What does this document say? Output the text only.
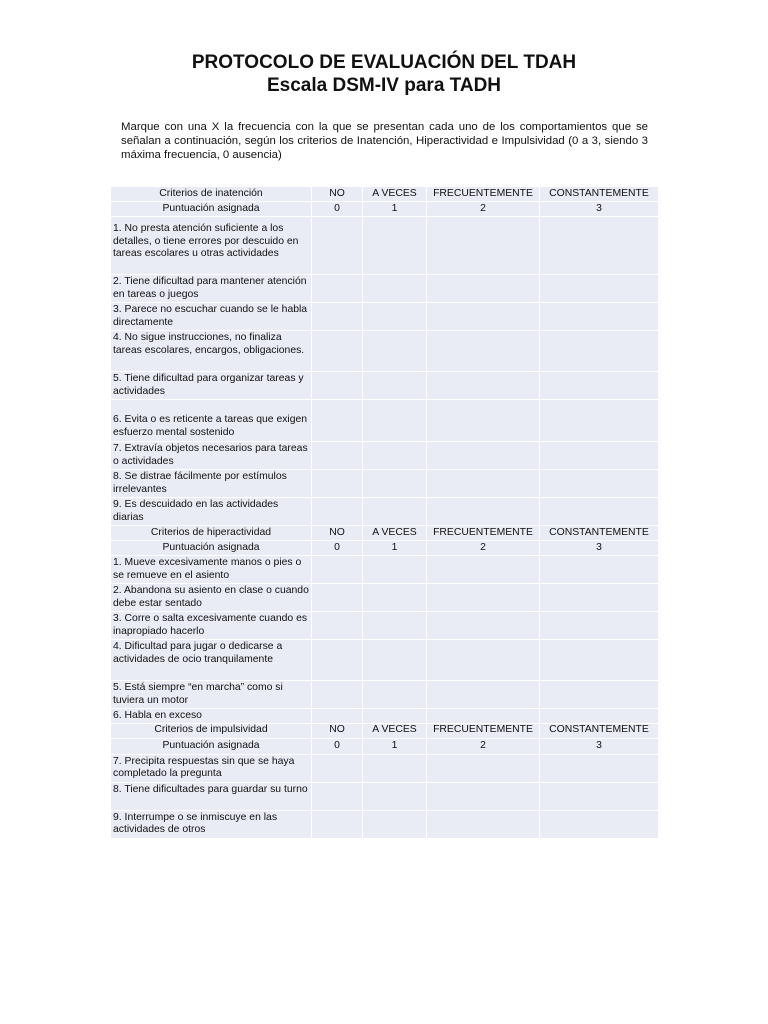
PROTOCOLO DE EVALUACIÓN DEL TDAH
Escala DSM-IV para TADH
Marque con una X la frecuencia con la que se presentan cada uno de los comportamientos que se señalan a continuación, según los criterios de Inatención, Hiperactividad e Impulsividad (0 a 3, siendo 3 máxima frecuencia, 0 ausencia)
Criterios de inatención	NO	A VECES	FRECUENTEMENTE	CONSTANTEMENTE
Puntuación asignada	0	1	2	3
1. No presta atención suficiente a los detalles, o tiene errores por descuido en tareas escolares u otras actividades				
2. Tiene dificultad para mantener atención en tareas o juegos				
3. Parece no escuchar cuando se le habla directamente				
4. No sigue instrucciones, no finaliza tareas escolares, encargos, obligaciones.				
5. Tiene dificultad para organizar tareas y actividades				
6. Evita o es reticente a tareas que exigen esfuerzo mental sostenido				
7. Extravía objetos necesarios para tareas o actividades				
8. Se distrae fácilmente por estímulos irrelevantes				
9. Es descuidado en las actividades diarias				
Criterios de hiperactividad	NO	A VECES	FRECUENTEMENTE	CONSTANTEMENTE
Puntuación asignada	0	1	2	3
1. Mueve excesivamente manos o pies o se remueve en el asiento				
2. Abandona su asiento en clase o cuando debe estar sentado				
3. Corre o salta excesivamente cuando es inapropiado hacerlo				
4. Dificultad para jugar o dedicarse a actividades de ocio tranquilamente				
5. Está siempre “en marcha” como si tuviera un motor				
6. Habla en exceso				
Criterios de impulsividad	NO	A VECES	FRECUENTEMENTE	CONSTANTEMENTE
Puntuación asignada	0	1	2	3
7. Precipita respuestas sin que se haya completado la pregunta				
8. Tiene dificultades para guardar su turno				
9. Interrumpe o se inmiscuye en las actividades de otros				
